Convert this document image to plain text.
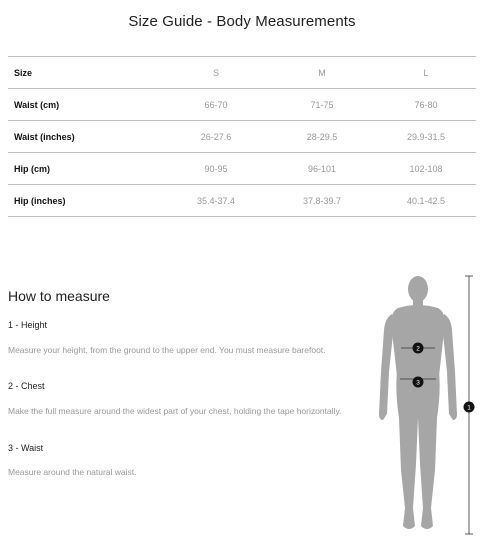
Size Guide - Body Measurements
Size	S	M	L
Waist (cm)	66-70	71-75	76-80
Waist (inches)	26-27.6	28-29.5	29.9-31.5
Hip (cm)	90-95	96-101	102-108
Hip (inches)	35.4-37.4	37.8-39.7	40.1-42.5
How to measure
1 - Height
Measure your height, from the ground to the upper end. You must measure barefoot.
2 - Chest
Make the full measure around the widest part of your chest, holding the tape horizontally.
3 - Waist
Measure around the natural waist.
1
2
3
